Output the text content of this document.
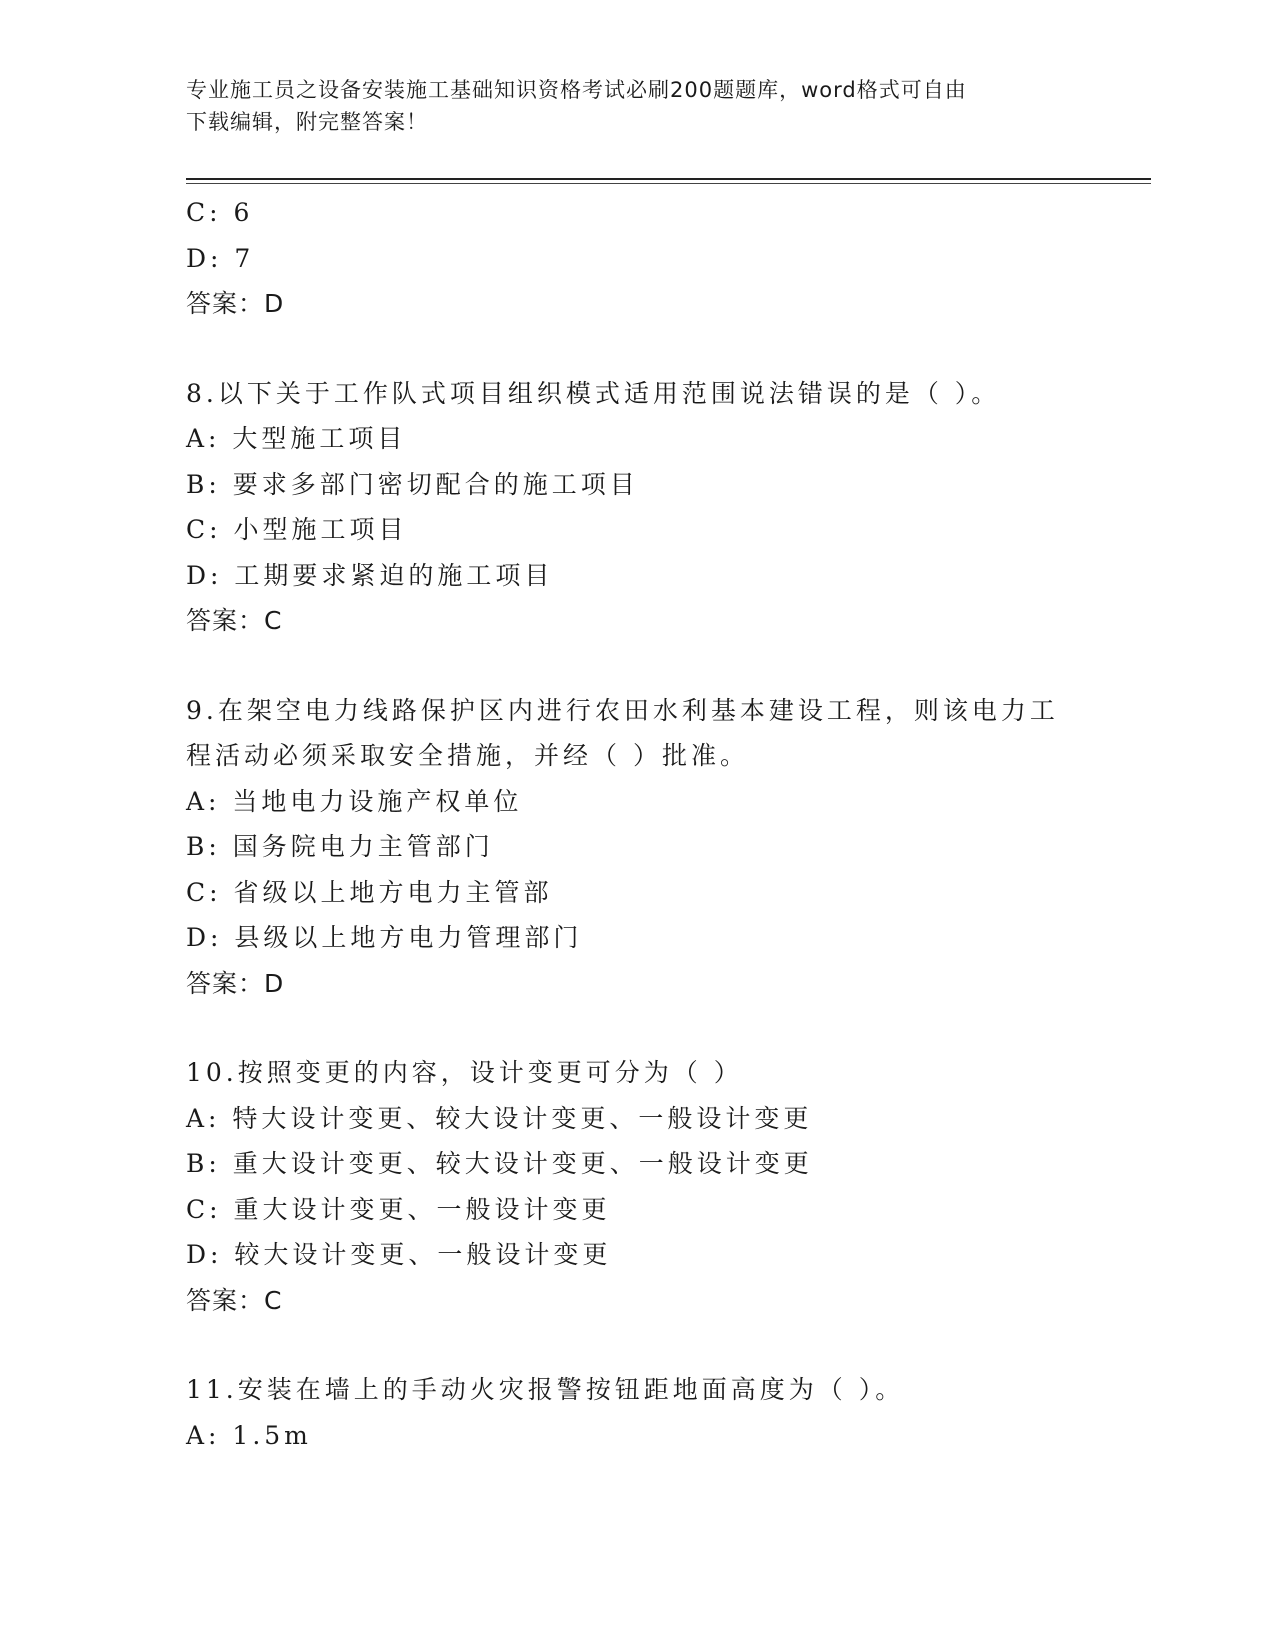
专业施工员之设备安装施工基础知识资格考试必刷200题题库，word格式可自由
下载编辑，附完整答案！
C: 6
D: 7
答案：D
8.以下关于工作队式项目组织模式适用范围说法错误的是（ ）。
A: 大型施工项目
B: 要求多部门密切配合的施工项目
C: 小型施工项目
D: 工期要求紧迫的施工项目
答案：C
9.在架空电力线路保护区内进行农田水利基本建设工程，则该电力工
程活动必须采取安全措施，并经（ ）批准。
A: 当地电力设施产权单位
B: 国务院电力主管部门
C: 省级以上地方电力主管部
D: 县级以上地方电力管理部门
答案：D
10.按照变更的内容，设计变更可分为（ ）
A: 特大设计变更、较大设计变更、一般设计变更
B: 重大设计变更、较大设计变更、一般设计变更
C: 重大设计变更、一般设计变更
D: 较大设计变更、一般设计变更
答案：C
11.安装在墙上的手动火灾报警按钮距地面高度为（ ）。
A: 1.5m
